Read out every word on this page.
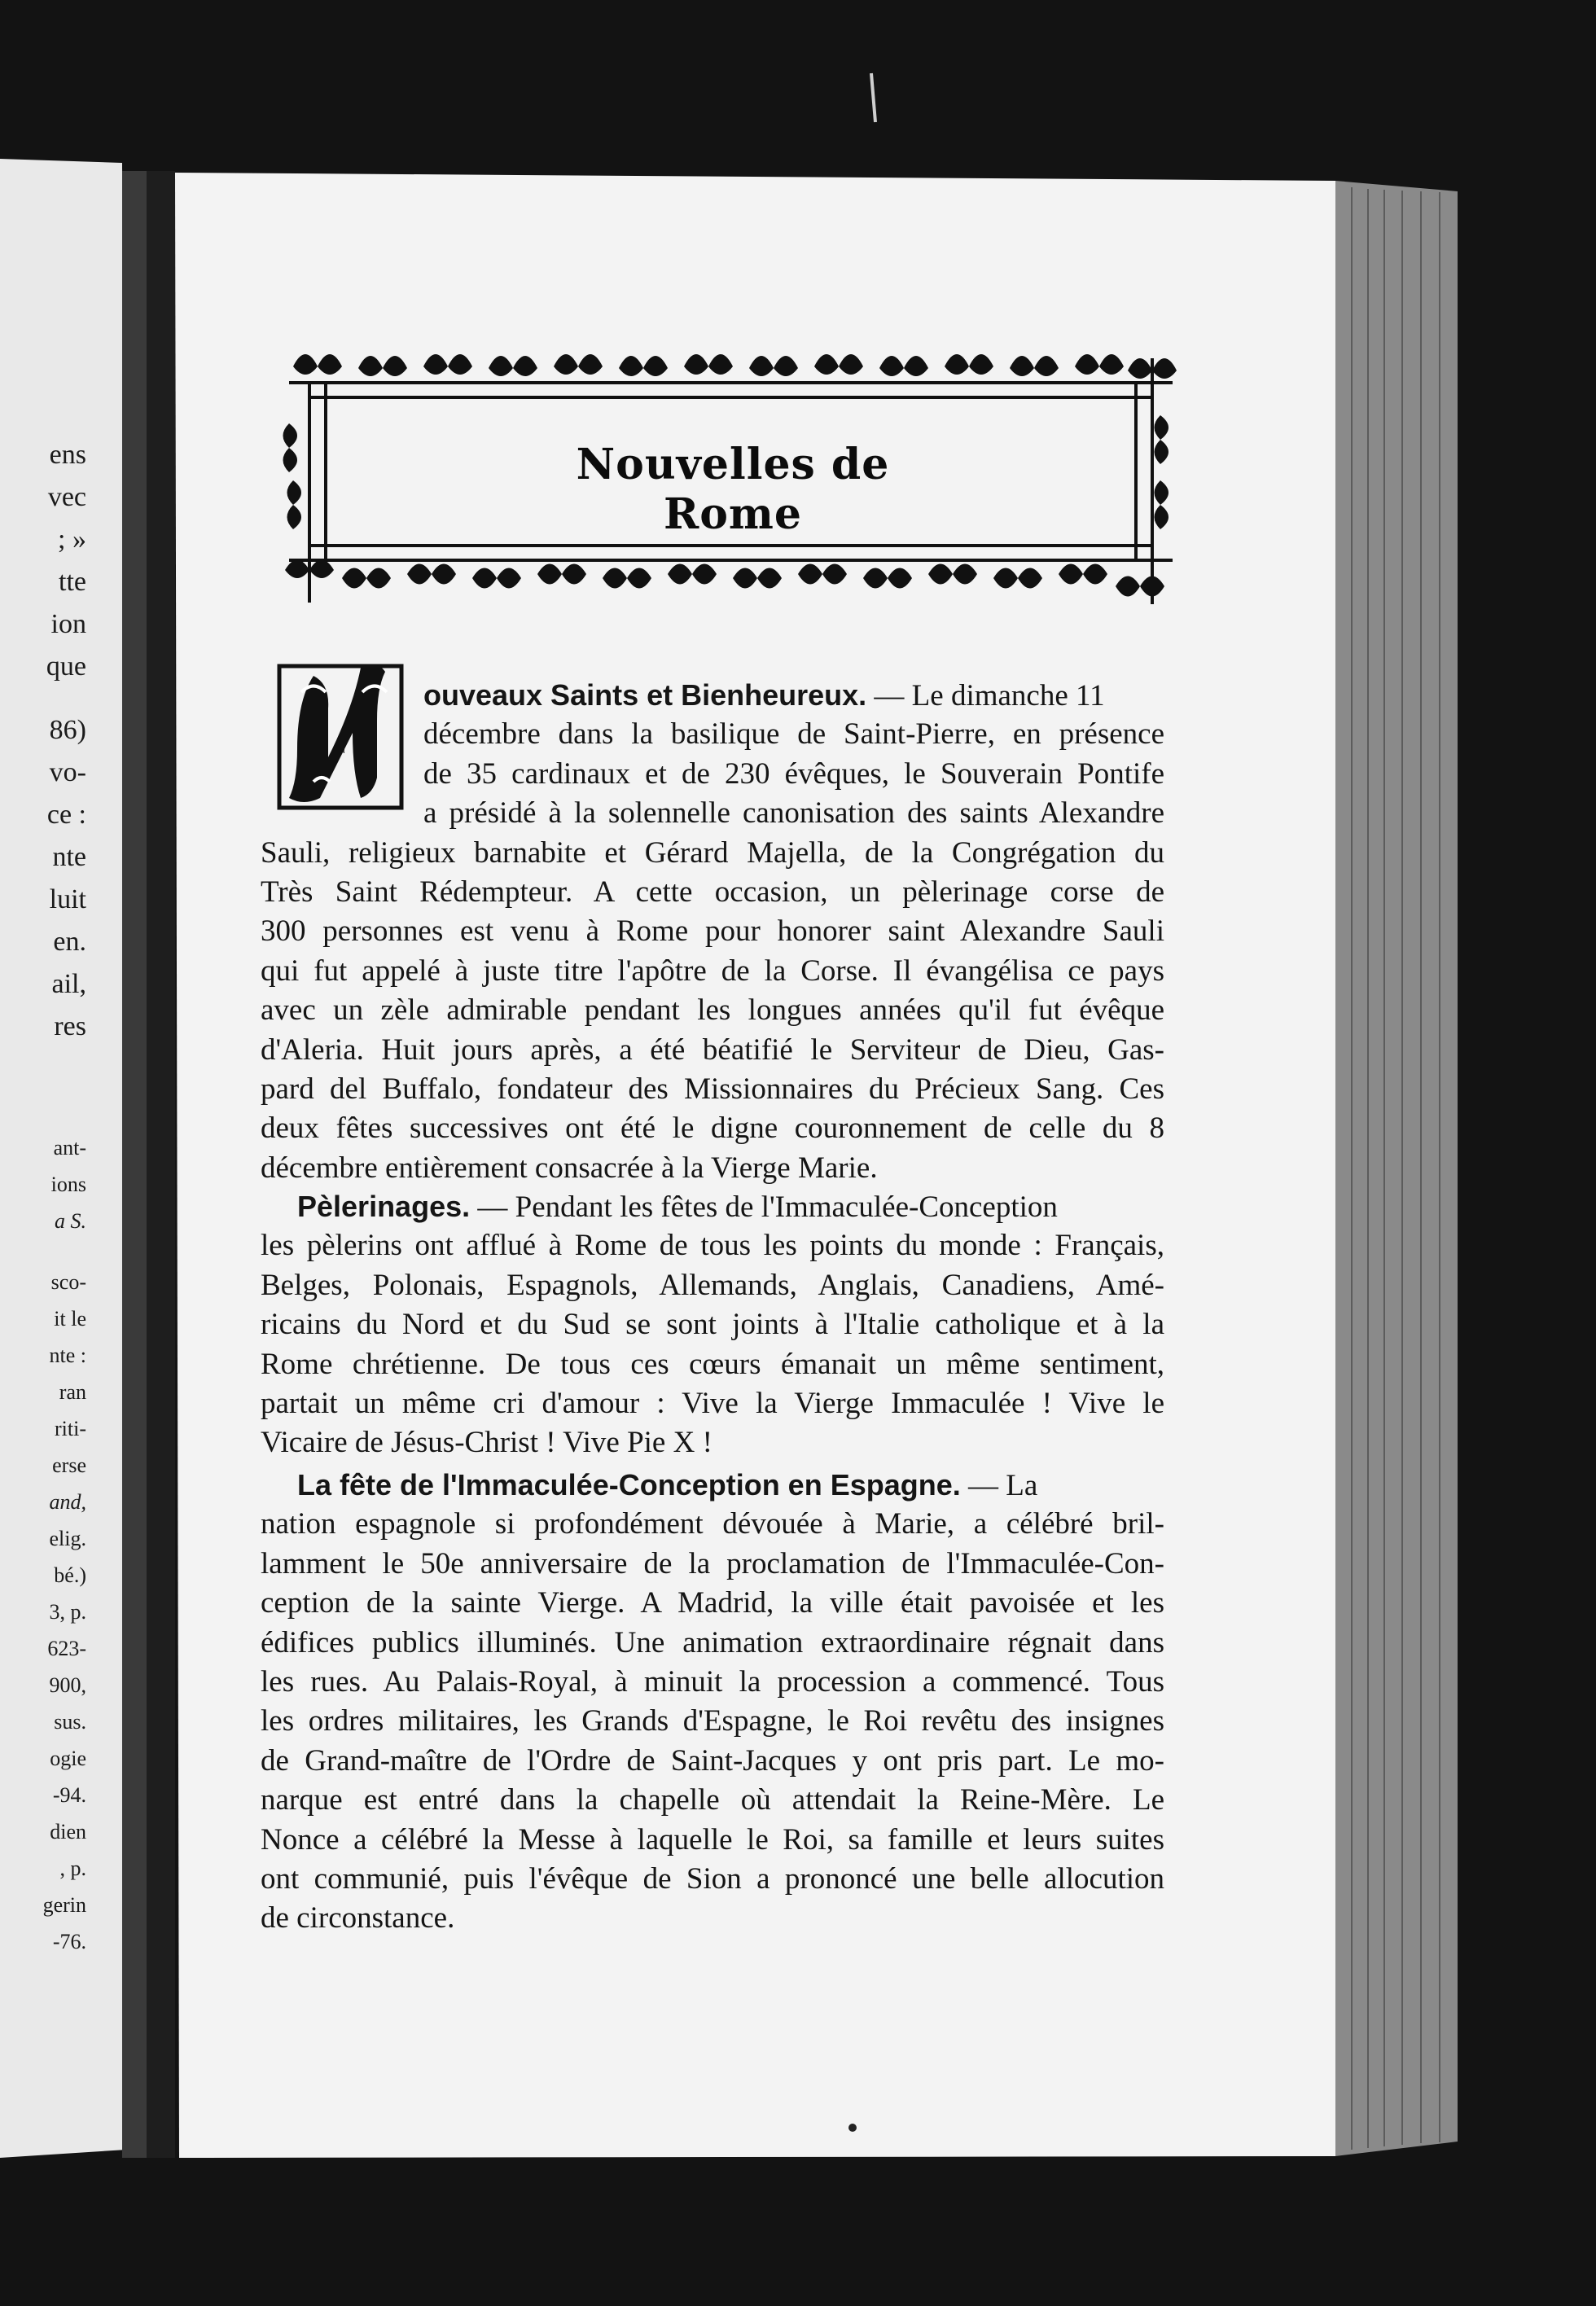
ens
vec
; »
tte
ion
que
86)
vo-
ce :
nte
luit
en.
ail,
res
ant-
ions
a S.
sco-
it le
nte :
ran
riti-
erse
and,
elig.
bé.)
3, p.
623-
900,
sus.
ogie
-94.
dien
, p.
gerin
-76.
Nouvelles de Rome
N
ouveaux Saints et Bienheureux. — Le dimanche 11
décembre dans la basilique de Saint-Pierre, en présence
de 35 cardinaux et de 230 évêques, le Souverain Pontife
a présidé à la solennelle canonisation des saints Alexandre
Sauli, religieux barnabite et Gérard Majella, de la Congrégation du
Très Saint Rédempteur. A cette occasion, un pèlerinage corse de
300 personnes est venu à Rome pour honorer saint Alexandre Sauli
qui fut appelé à juste titre l'apôtre de la Corse. Il évangélisa ce pays
avec un zèle admirable pendant les longues années qu'il fut évêque
d'Aleria. Huit jours après, a été béatifié le Serviteur de Dieu, Gas-
pard del Buffalo, fondateur des Missionnaires du Précieux Sang. Ces
deux fêtes successives ont été le digne couronnement de celle du 8
décembre entièrement consacrée à la Vierge Marie.
Pèlerinages. — Pendant les fêtes de l'Immaculée-Conception
les pèlerins ont afflué à Rome de tous les points du monde : Français,
Belges, Polonais, Espagnols, Allemands, Anglais, Canadiens, Amé-
ricains du Nord et du Sud se sont joints à l'Italie catholique et à la
Rome chrétienne. De tous ces cœurs émanait un même sentiment,
partait un même cri d'amour : Vive la Vierge Immaculée ! Vive le
Vicaire de Jésus-Christ ! Vive Pie X !
La fête de l'Immaculée-Conception en Espagne. — La
nation espagnole si profondément dévouée à Marie, a célébré bril-
lamment le 50e anniversaire de la proclamation de l'Immaculée-Con-
ception de la sainte Vierge. A Madrid, la ville était pavoisée et les
édifices publics illuminés. Une animation extraordinaire régnait dans
les rues. Au Palais-Royal, à minuit la procession a commencé. Tous
les ordres militaires, les Grands d'Espagne, le Roi revêtu des insignes
de Grand-maître de l'Ordre de Saint-Jacques y ont pris part. Le mo-
narque est entré dans la chapelle où attendait la Reine-Mère. Le
Nonce a célébré la Messe à laquelle le Roi, sa famille et leurs suites
ont communié, puis l'évêque de Sion a prononcé une belle allocution
de circonstance.
